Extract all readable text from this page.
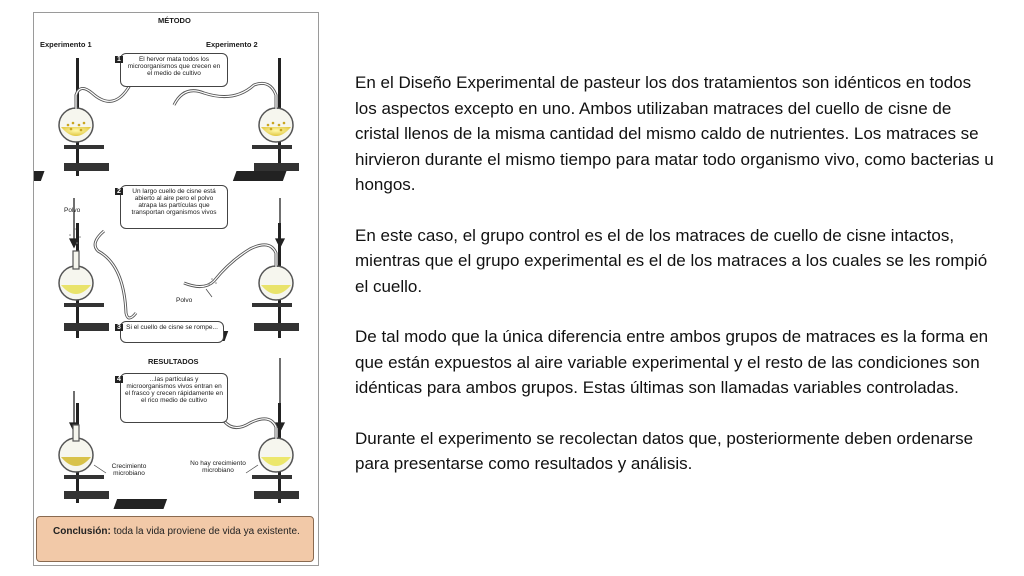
MÉTODO
Experimento 1	Experimento 2
1	El hervor mata todos los microorganismos que crecen en el medio de cultivo
2	Un largo cuello de cisne está abierto al aire pero el polvo atrapa las partículas que transportan organismos vivos
Polvo
Polvo
3 Si el cuello de cisne se rompe...
RESULTADOS
4	...las partículas y microorganismos vivos entran en el frasco y crecen rápidamente en el rico medio de cultivo
Crecimiento microbiano
No hay crecimiento microbiano
Conclusión: toda la vida proviene de vida ya existente.

En el Diseño Experimental de pasteur los dos tratamientos son idénticos en todos los aspectos excepto en uno. Ambos utilizaban matraces del cuello de cisne de cristal llenos de la misma cantidad del mismo caldo de nutrientes. Los matraces se hirvieron durante el mismo tiempo para matar todo organismo vivo, como bacterias u hongos.

En este caso, el grupo control es el de los matraces de cuello de cisne intactos, mientras que el grupo experimental es el de los matraces a los cuales se les rompió el cuello.

De tal modo que la única diferencia entre ambos grupos de matraces es la forma en que están expuestos al aire variable experimental y el resto de las condiciones son idénticas para ambos grupos. Estas últimas son llamadas variables controladas.

Durante el experimento se recolectan datos que, posteriormente deben ordenarse para presentarse como resultados y análisis.
